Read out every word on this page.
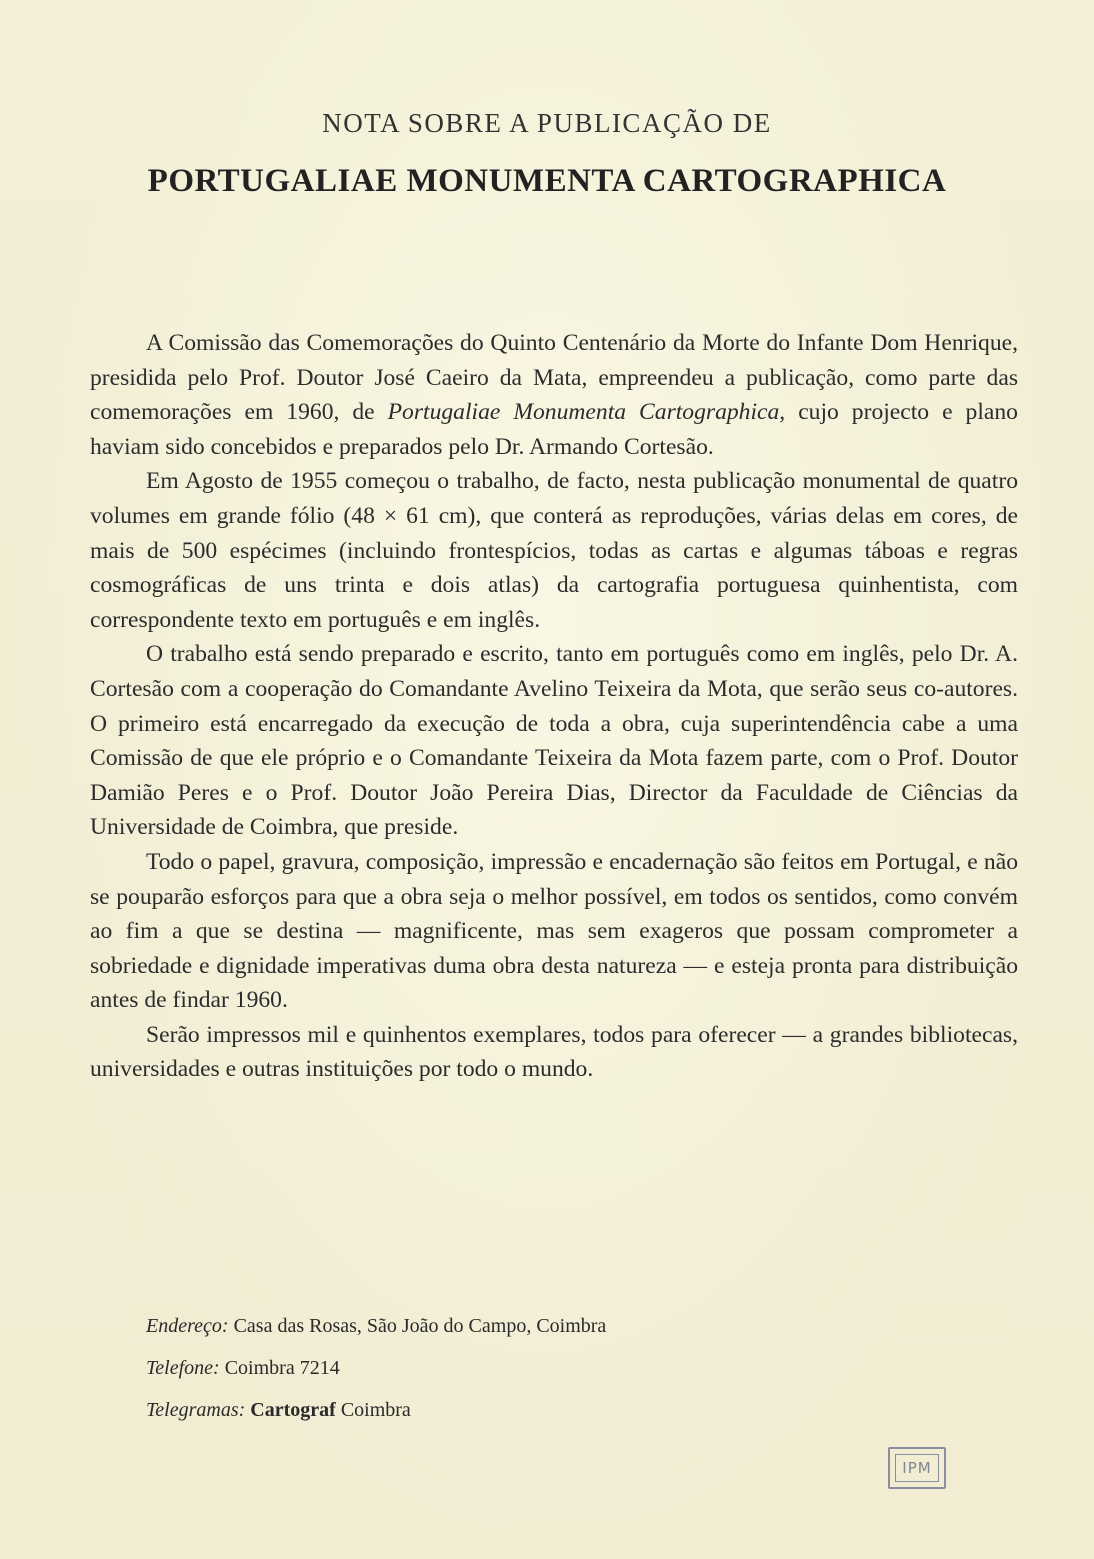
NOTA SOBRE A PUBLICAÇÃO DE
PORTUGALIAE MONUMENTA CARTOGRAPHICA

A Comissão das Comemorações do Quinto Centenário da Morte do Infante Dom Henrique, presidida pelo Prof. Doutor José Caeiro da Mata, empreendeu a publicação, como parte das comemorações em 1960, de Portugaliae Monumenta Cartographica, cujo projecto e plano haviam sido concebidos e preparados pelo Dr. Armando Cortesão.

Em Agosto de 1955 começou o trabalho, de facto, nesta publicação monumental de quatro volumes em grande fólio (48 × 61 cm), que conterá as reproduções, várias delas em cores, de mais de 500 espécimes (incluindo frontespícios, todas as cartas e algumas táboas e regras cosmográficas de uns trinta e dois atlas) da cartografia portuguesa quinhentista, com correspondente texto em português e em inglês.

O trabalho está sendo preparado e escrito, tanto em português como em inglês, pelo Dr. A. Cortesão com a cooperação do Comandante Avelino Teixeira da Mota, que serão seus co-autores. O primeiro está encarregado da execução de toda a obra, cuja superintendência cabe a uma Comissão de que ele próprio e o Comandante Teixeira da Mota fazem parte, com o Prof. Doutor Damião Peres e o Prof. Doutor João Pereira Dias, Director da Faculdade de Ciências da Universidade de Coimbra, que preside.

Todo o papel, gravura, composição, impressão e encadernação são feitos em Portugal, e não se pouparão esforços para que a obra seja o melhor possível, em todos os sentidos, como convém ao fim a que se destina — magnificente, mas sem exageros que possam comprometer a sobriedade e dignidade imperativas duma obra desta natureza — e esteja pronta para distribuição antes de findar 1960.

Serão impressos mil e quinhentos exemplares, todos para oferecer — a grandes bibliotecas, universidades e outras instituições por todo o mundo.

Endereço: Casa das Rosas, São João do Campo, Coimbra
Telefone: Coimbra 7214
Telegramas: Cartograf Coimbra
IPM
